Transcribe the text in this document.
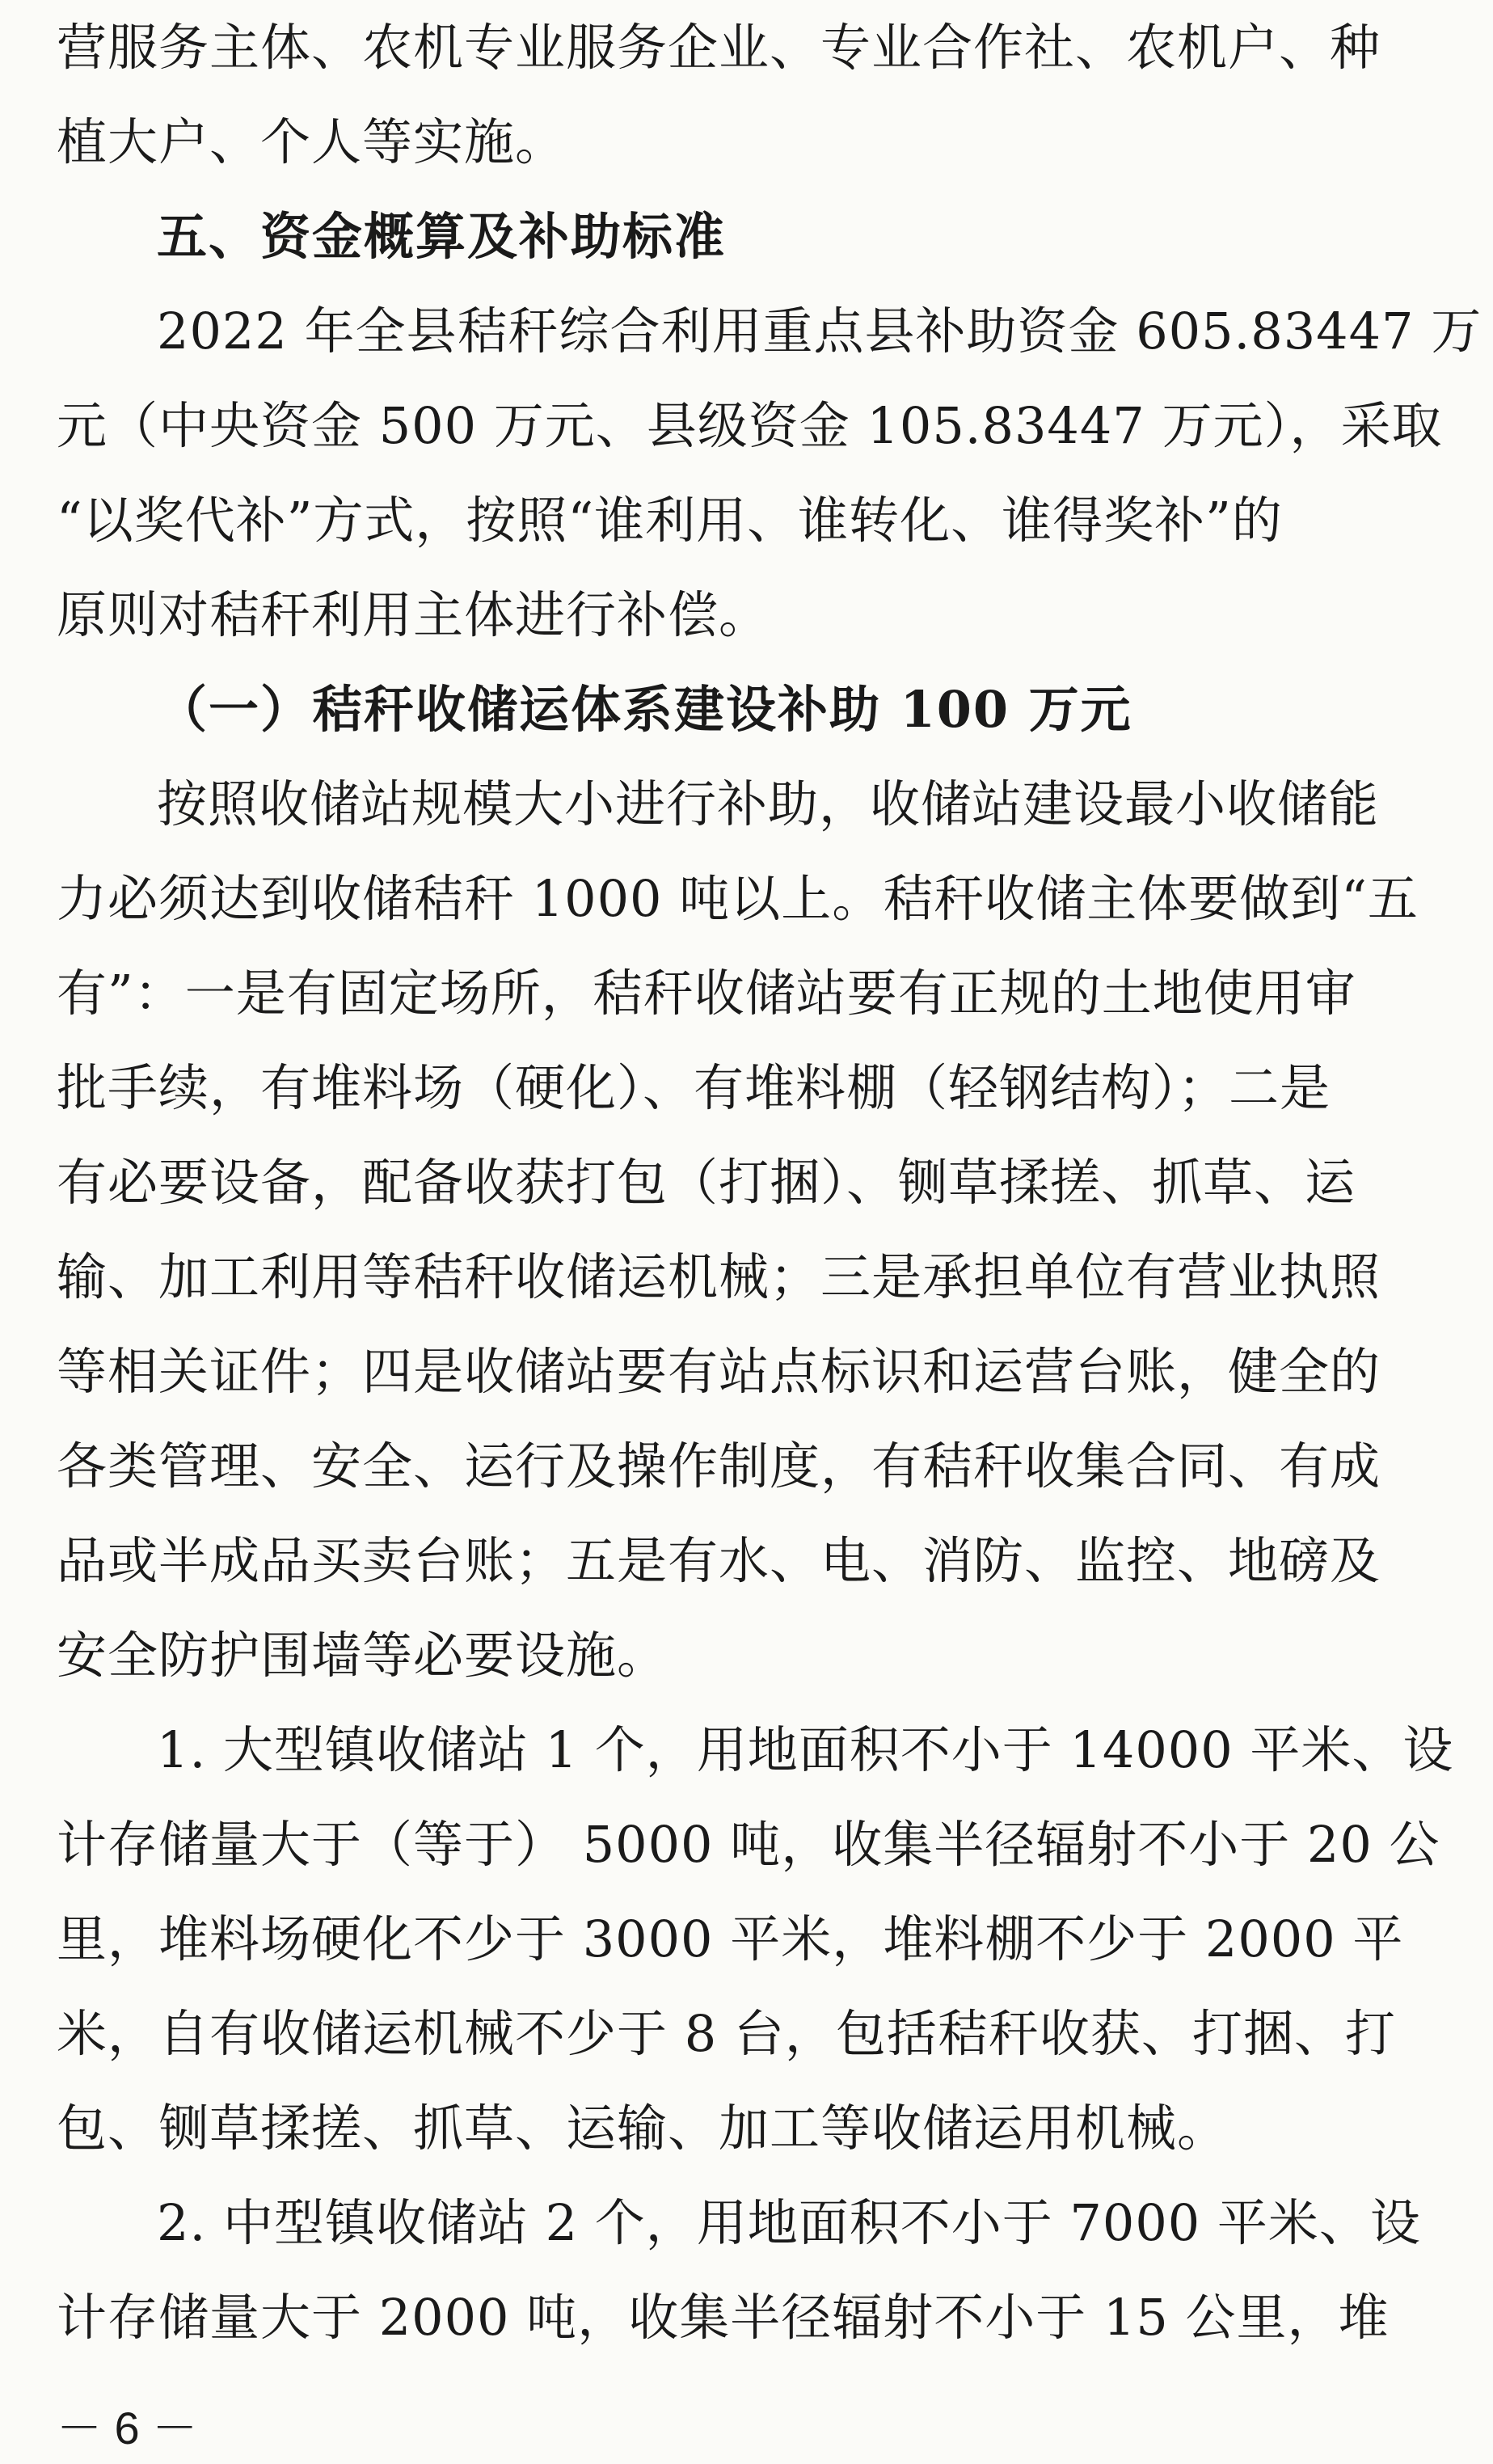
营服务主体、农机专业服务企业、专业合作社、农机户、种

植大户、个人等实施。

五、资金概算及补助标准

2022 年全县秸秆综合利用重点县补助资金 605.83447 万

元（中央资金 500 万元、县级资金 105.83447 万元），采取

“以奖代补”方式，按照“谁利用、谁转化、谁得奖补”的

原则对秸秆利用主体进行补偿。

（一）秸秆收储运体系建设补助 100 万元

按照收储站规模大小进行补助，收储站建设最小收储能

力必须达到收储秸秆 1000 吨以上。秸秆收储主体要做到“五

有”：一是有固定场所，秸秆收储站要有正规的土地使用审

批手续，有堆料场（硬化）、有堆料棚（轻钢结构）；二是

有必要设备，配备收获打包（打捆）、铡草揉搓、抓草、运

输、加工利用等秸秆收储运机械；三是承担单位有营业执照

等相关证件；四是收储站要有站点标识和运营台账，健全的

各类管理、安全、运行及操作制度，有秸秆收集合同、有成

品或半成品买卖台账；五是有水、电、消防、监控、地磅及

安全防护围墙等必要设施。

1. 大型镇收储站 1 个，用地面积不小于 14000 平米、设

计存储量大于（等于） 5000 吨，收集半径辐射不小于 20 公

里，堆料场硬化不少于 3000 平米，堆料棚不少于 2000 平

米，自有收储运机械不少于 8 台，包括秸秆收获、打捆、打

包、铡草揉搓、抓草、运输、加工等收储运用机械。

2. 中型镇收储站 2 个，用地面积不小于 7000 平米、设

计存储量大于 2000 吨，收集半径辐射不小于 15 公里，堆

－ 6 －
